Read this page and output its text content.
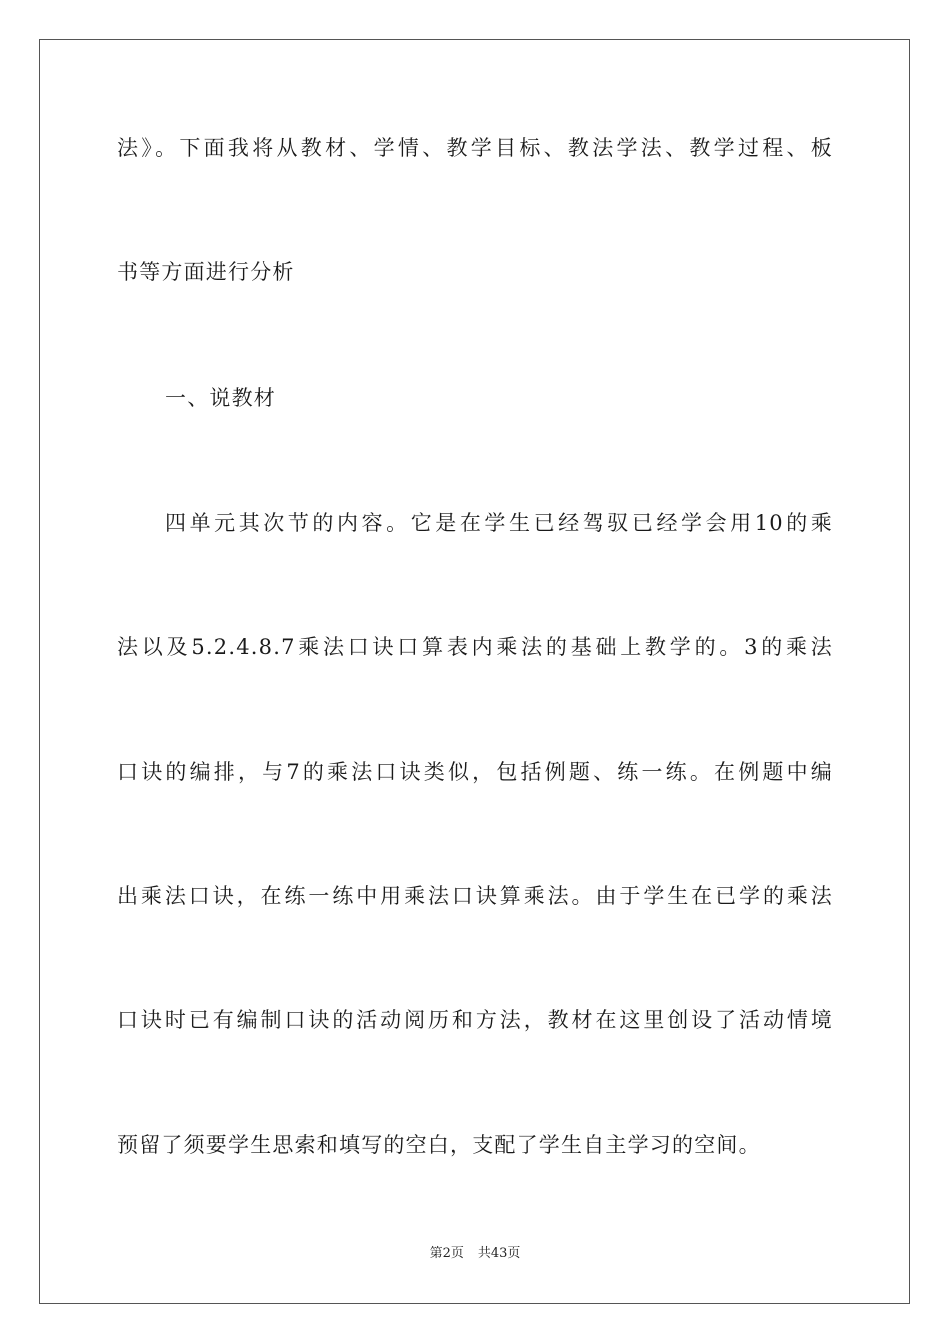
法》。下面我将从教材、学情、教学目标、教法学法、教学过程、板
书等方面进行分析
一、说教材
四单元其次节的内容。它是在学生已经驾驭已经学会用10的乘
法以及5.2.4.8.7乘法口诀口算表内乘法的基础上教学的。3的乘法
口诀的编排，与7的乘法口诀类似，包括例题、练一练。在例题中编
出乘法口诀，在练一练中用乘法口诀算乘法。由于学生在已学的乘法
口诀时已有编制口诀的活动阅历和方法，教材在这里创设了活动情境
预留了须要学生思索和填写的空白，支配了学生自主学习的空间。
第2页 共43页
